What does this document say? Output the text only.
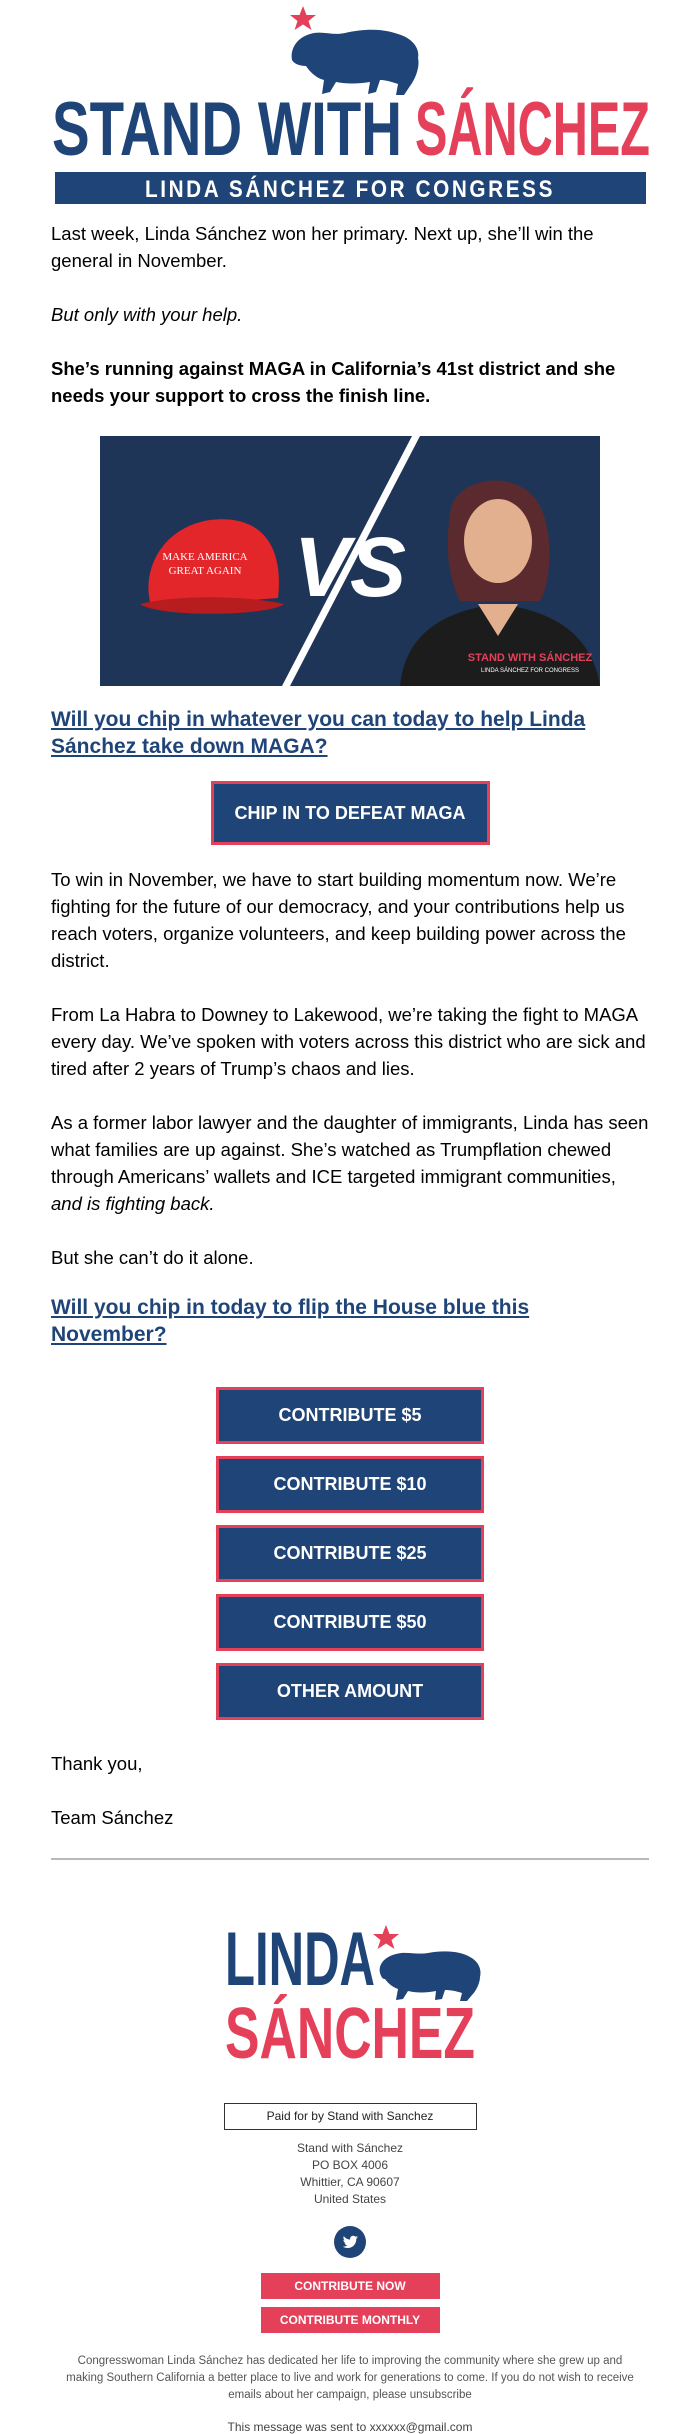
STAND WITH SÁNCHEZ
LINDA SÁNCHEZ FOR CONGRESS

Last week, Linda Sánchez won her primary. Next up, she’ll win the general in November.

But only with your help.

She’s running against MAGA in California’s 41st district and she needs your support to cross the finish line.

MAKE AMERICA
GREAT AGAIN VS
STAND WITH SÁNCHEZ
LINDA SÁNCHEZ FOR CONGRESS
Will you chip in whatever you can today to help Linda Sánchez take down MAGA?
CHIP IN TO DEFEAT MAGA

To win in November, we have to start building momentum now. We’re fighting for the future of our democracy, and your contributions help us reach voters, organize volunteers, and keep building power across the district.

From La Habra to Downey to Lakewood, we’re taking the fight to MAGA every day. We’ve spoken with voters across this district who are sick and tired after 2 years of Trump’s chaos and lies.

As a former labor lawyer and the daughter of immigrants, Linda has seen what families are up against. She’s watched as Trumpflation chewed through Americans’ wallets and ICE targeted immigrant communities, and is fighting back.

But she can’t do it alone.

Will you chip in today to flip the House blue this November?
CONTRIBUTE $5
CONTRIBUTE $10
CONTRIBUTE $25
CONTRIBUTE $50
OTHER AMOUNT

Thank you,

Team Sánchez

LINDA
SÁNCHEZ
Paid for by Stand with Sanchez
Stand with Sánchez
PO BOX 4006
Whittier, CA 90607
United States
CONTRIBUTE NOW
CONTRIBUTE MONTHLY
Congresswoman Linda Sánchez has dedicated her life to improving the community where she grew up and making Southern California a better place to live and work for generations to come. If you do not wish to receive emails about her campaign, please unsubscribe
This message was sent to xxxxxx@gmail.com
